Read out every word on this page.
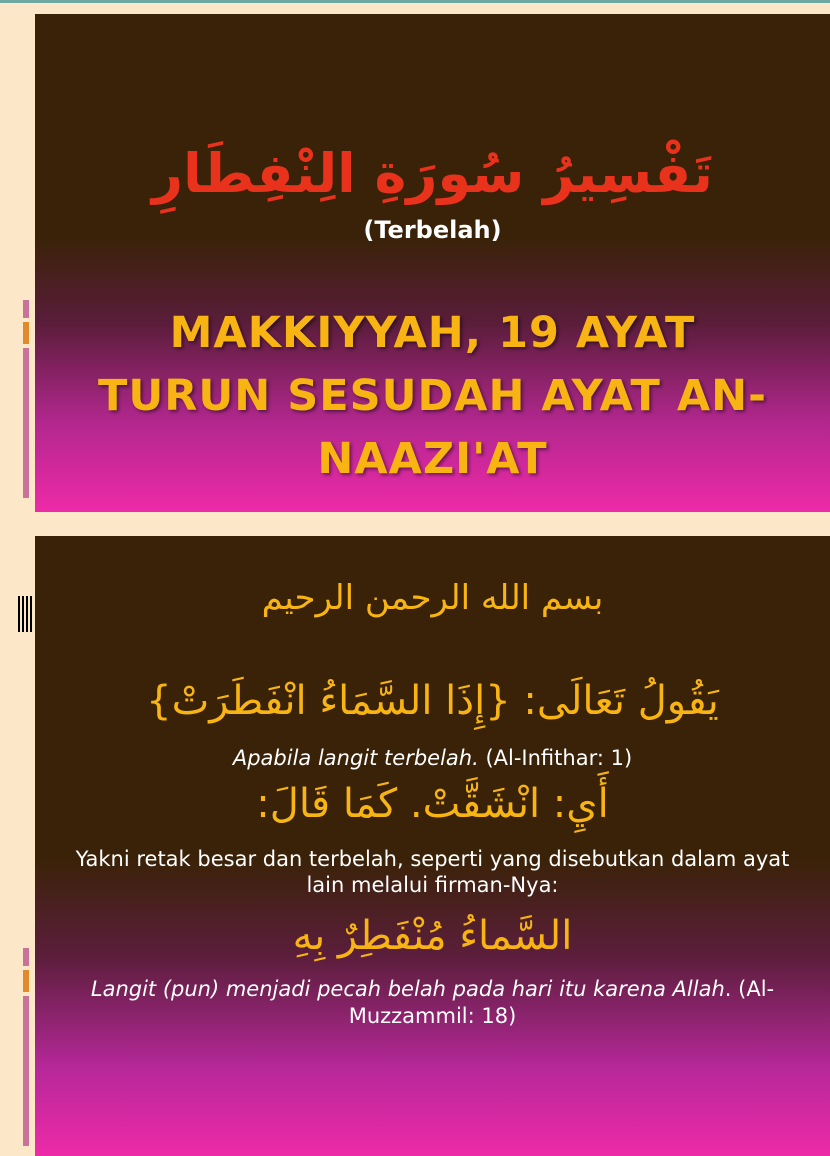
تَفْسِيرُ سُورَةِ الِنْفِطَارِ
(Terbelah)
MAKKIYYAH, 19 AYAT
TURUN SESUDAH AYAT AN-
NAAZI'AT
بسم الله الرحمن الرحيم
يَقُولُ تَعَالَى: {إِذَا السَّمَاءُ انْفَطَرَتْ}
Apabila langit terbelah. (Al-Infithar: 1)
أَيِ: انْشَقَّتْ. كَمَا قَالَ:
Yakni retak besar dan terbelah, seperti yang disebutkan dalam ayat lain melalui firman-Nya:
السَّماءُ مُنْفَطِرٌ بِهِ
Langit (pun) menjadi pecah belah pada hari itu karena Allah. (Al-Muzzammil: 18)
